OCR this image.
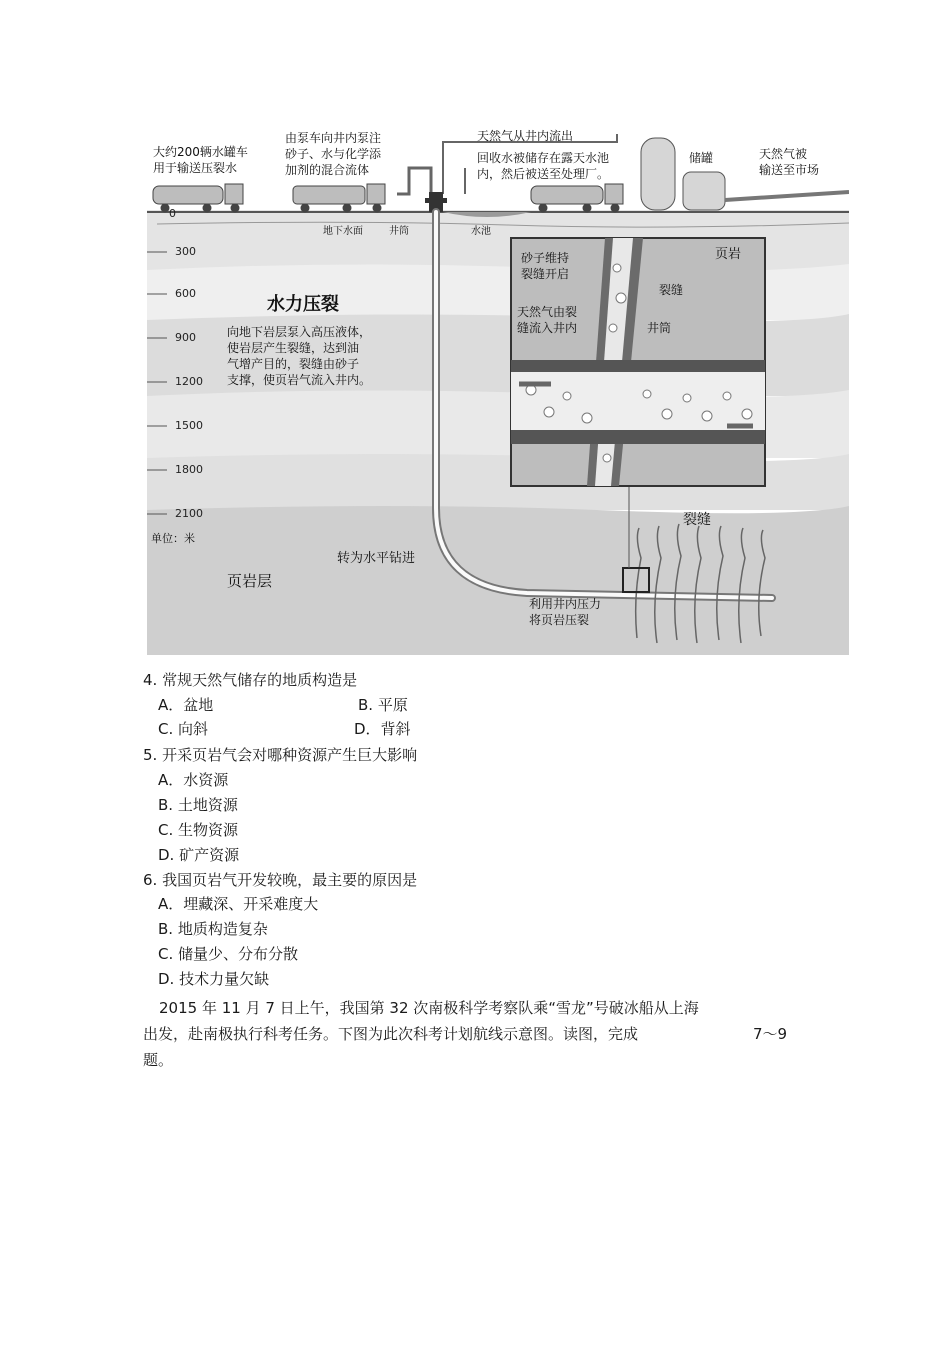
0
300
600
900
1200
1500
1800
2100
大约200辆水罐车
用于输送压裂水
由泵车向井内泵注
砂子、水与化学添
加剂的混合流体
天然气从井内流出
回收水被储存在露天水池
内，然后被送至处理厂。
储罐	天然气被
输送至市场
地下水面	井筒	水池
水力压裂
向地下岩层泵入高压液体，
使岩层产生裂缝，达到油
气增产目的，裂缝由砂子
支撑，使页岩气流入井内。
页岩
砂子维持
裂缝开启
裂缝
天然气由裂
缝流入井内	井筒
裂缝
单位：米
转为水平钻进
页岩层
利用井内压力
将页岩压裂
4. 常规天然气储存的地质构造是
A．盆地	B. 平原
C. 向斜	D．背斜
5. 开采页岩气会对哪种资源产生巨大影响
A．水资源
B. 土地资源
C. 生物资源
D. 矿产资源
6. 我国页岩气开发较晚，最主要的原因是
A．埋藏深、开采难度大
B. 地质构造复杂
C. 储量少、分布分散
D. 技术力量欠缺
2015 年 11 月 7 日上午，我国第 32 次南极科学考察队乘“雪龙”号破冰船从上海
出发，赴南极执行科考任务。下图为此次科考计划航线示意图。读图，完成	7～9
题。
